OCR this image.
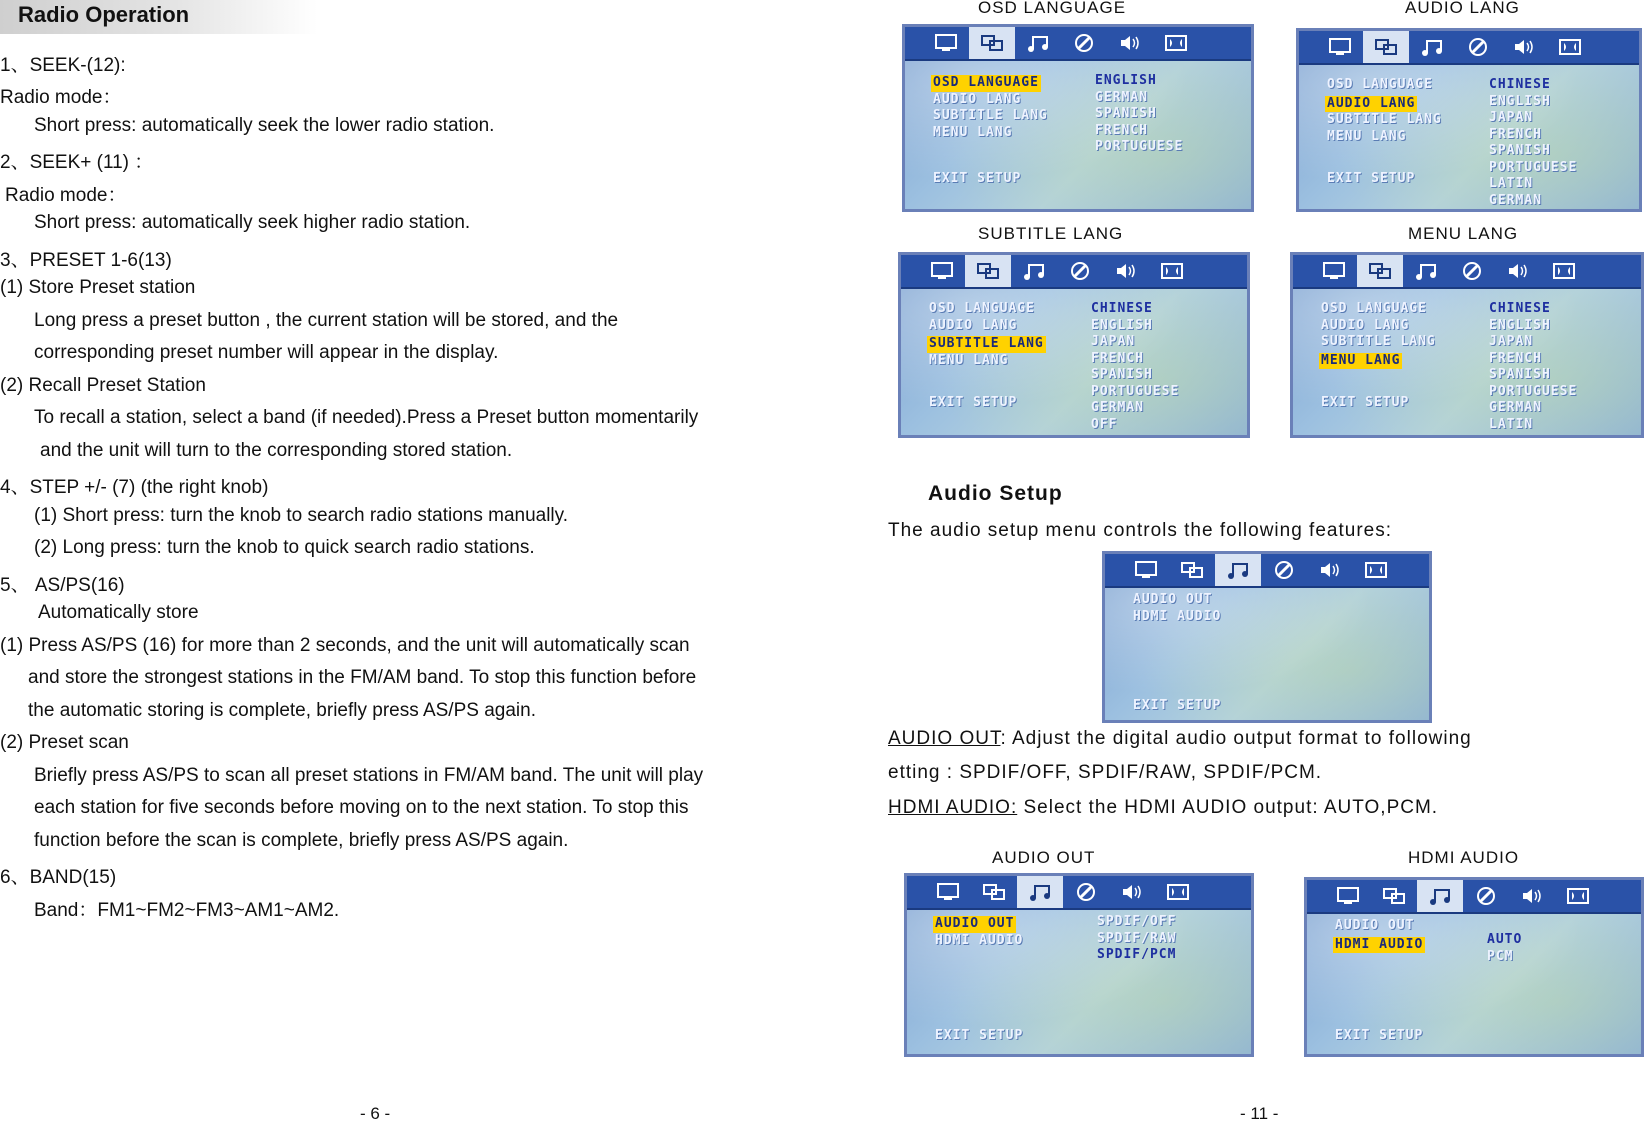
Radio Operation
1、SEEK-(12):
Radio mode：
Short press: automatically seek the lower radio station.
2、SEEK+ (11) ：
Radio mode：
Short press: automatically seek higher radio station.
3、PRESET 1-6(13)
(1) Store Preset station
Long press a preset button , the current station will be stored, and the
corresponding preset number will appear in the display.
(2) Recall Preset Station
To recall a station, select a band (if needed).Press a Preset button momentarily
and the unit will turn to the corresponding stored station.
4、STEP +/- (7) (the right knob)
(1) Short press: turn the knob to search radio stations manually.
(2) Long press: turn the knob to quick search radio stations.
5、 AS/PS(16)
Automatically store
(1) Press AS/PS (16) for more than 2 seconds, and the unit will automatically scan
and store the strongest stations in the FM/AM band. To stop this function before
the automatic storing is complete, briefly press AS/PS again.
(2) Preset scan
Briefly press AS/PS to scan all preset stations in FM/AM band. The unit will play
each station for five seconds before moving on to the next station. To stop this
function before the scan is complete, briefly press AS/PS again.
6、BAND(15)
Band：FM1~FM2~FM3~AM1~AM2.
- 6 -
OSD LANGUAGE	AUDIO LANG
SUBTITLE LANG	MENU LANG
AUDIO OUT	HDMI AUDIO
OSD LANGUAGE
AUDIO LANG
SUBTITLE LANG
MENU LANG
ENGLISH
GERMAN
SPANISH
FRENCH
PORTUGUESE
EXIT SETUP
OSD LANGUAGE
AUDIO LANG
SUBTITLE LANG
MENU LANG
CHINESE
ENGLISH
JAPAN
FRENCH
SPANISH
PORTUGUESE
LATIN
GERMAN
EXIT SETUP
OSD LANGUAGE
AUDIO LANG
SUBTITLE LANG
MENU LANG
CHINESE
ENGLISH
JAPAN
FRENCH
SPANISH
PORTUGUESE
GERMAN
OFF
EXIT SETUP
OSD LANGUAGE
AUDIO LANG
SUBTITLE LANG
MENU LANG
CHINESE
ENGLISH
JAPAN
FRENCH
SPANISH
PORTUGUESE
GERMAN
LATIN
EXIT SETUP
Audio Setup
The audio setup menu controls the following features:
AUDIO OUT
HDMI AUDIO
EXIT SETUP
AUDIO OUT: Adjust the digital audio output format to following
etting : SPDIF/OFF, SPDIF/RAW, SPDIF/PCM.
HDMI AUDIO: Select the HDMI AUDIO output: AUTO,PCM.
AUDIO OUT
HDMI AUDIO
SPDIF/OFF
SPDIF/RAW
SPDIF/PCM
EXIT SETUP
AUDIO OUT
HDMI AUDIO	AUTO
PCM
EXIT SETUP
- 11 -
